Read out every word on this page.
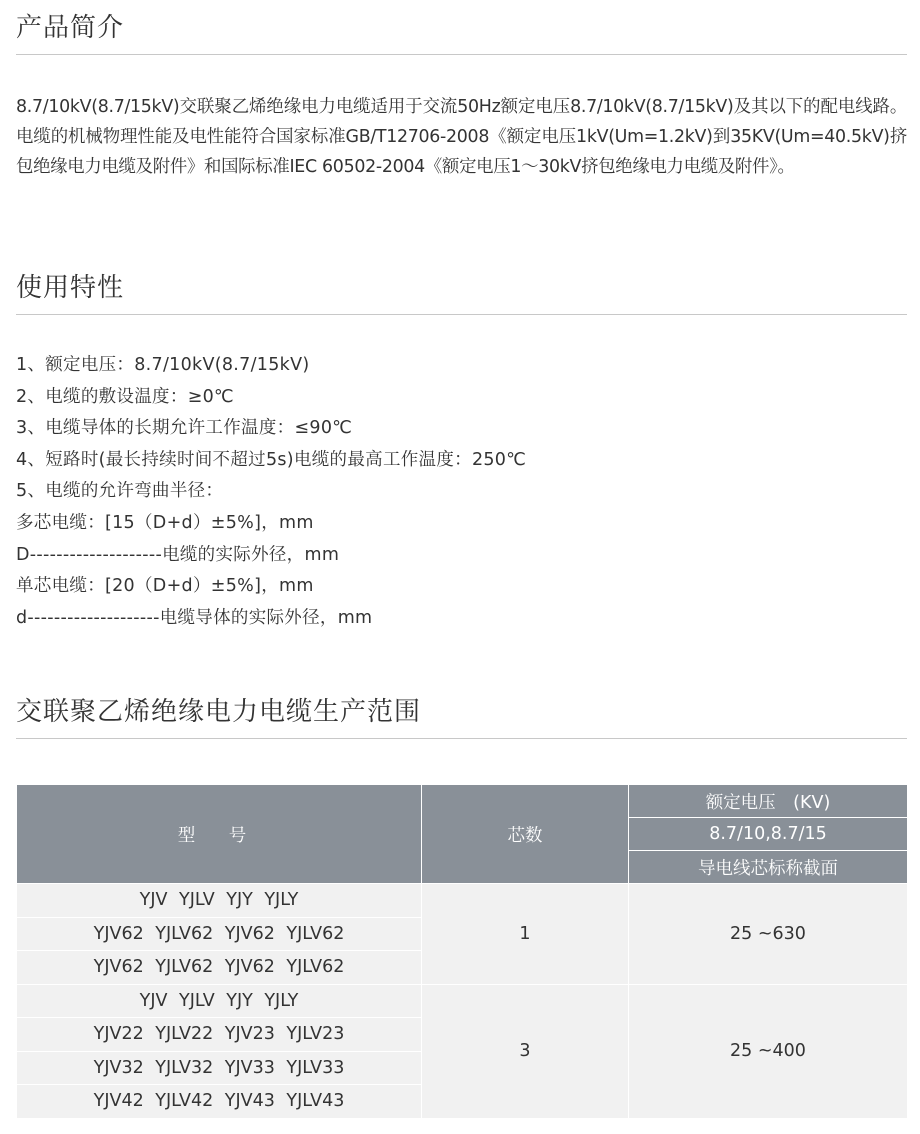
产品简介

8.7/10kV(8.7/15kV)交联聚乙烯绝缘电力电缆适用于交流50Hz额定电压8.7/10kV(8.7/15kV)及其以下的配电线路。电缆的机械物理性能及电性能符合国家标准GB/T12706-2008《额定电压1kV(Um=1.2kV)到35KV(Um=40.5kV)挤包绝缘电力电缆及附件》和国际标准IEC 60502-2004《额定电压1～30kV挤包绝缘电力电缆及附件》。

使用特性
1、额定电压：8.7/10kV(8.7/15kV)
2、电缆的敷设温度：≥0℃
3、电缆导体的长期允许工作温度：≤90℃
4、短路时(最长持续时间不超过5s)电缆的最高工作温度：250℃
5、电缆的允许弯曲半径：
多芯电缆：[15（D+d）±5%]，mm
D--------------------电缆的实际外径，mm
单芯电缆：[20（D+d）±5%]，mm
d--------------------电缆导体的实际外径，mm
交联聚乙烯绝缘电力电缆生产范围
型 号	芯数	额定电压　(KV)
		8.7/10,8.7/15
		导电线芯标称截面
YJV YJLV YJY YJLY	1	25 ~630
YJV62 YJLV62 YJV62 YJLV62		
YJV62 YJLV62 YJV62 YJLV62		
YJV YJLV YJY YJLY	3	25 ~400
YJV22 YJLV22 YJV23 YJLV23		
YJV32 YJLV32 YJV33 YJLV33		
YJV42 YJLV42 YJV43 YJLV43		
